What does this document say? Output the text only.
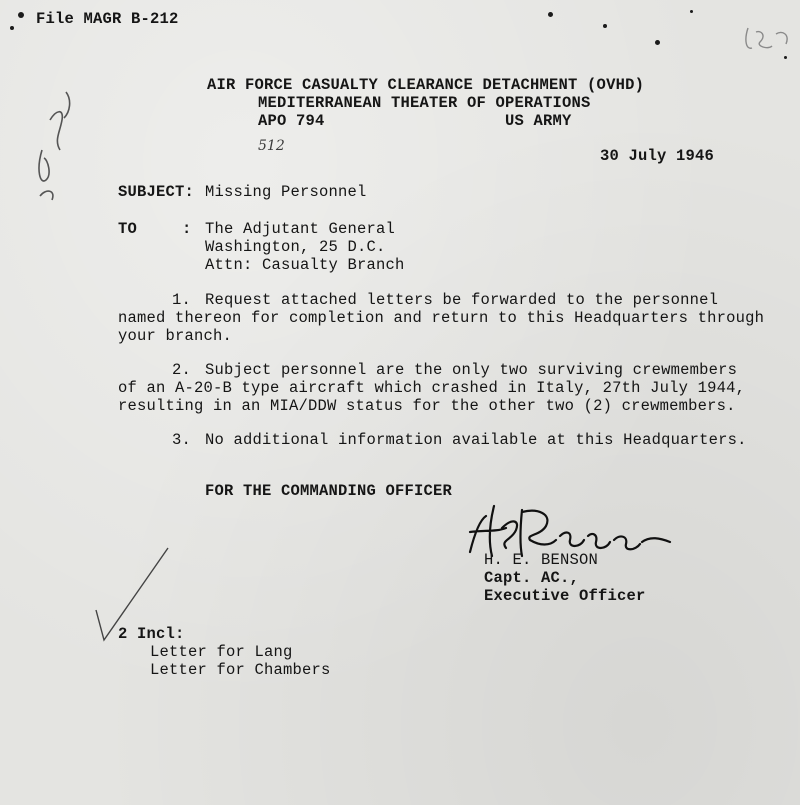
File MAGR B-212
AIR FORCE CASUALTY CLEARANCE DETACHMENT (OVHD)
MEDITERRANEAN THEATER OF OPERATIONS
APO 794	US ARMY
512
30 July 1946
SUBJECT: Missing Personnel
TO	: The Adjutant General
Washington, 25 D.C.
Attn: Casualty Branch
1. Request attached letters be forwarded to the personnel
named thereon for completion and return to this Headquarters through
your branch.
2. Subject personnel are the only two surviving crewmembers
of an A-20-B type aircraft which crashed in Italy, 27th July 1944,
resulting in an MIA/DDW status for the other two (2) crewmembers.
3. No additional information available at this Headquarters.
FOR THE COMMANDING OFFICER
H. E. BENSON
Capt. AC.,
Executive Officer
2 Incl:
Letter for Lang
Letter for Chambers
